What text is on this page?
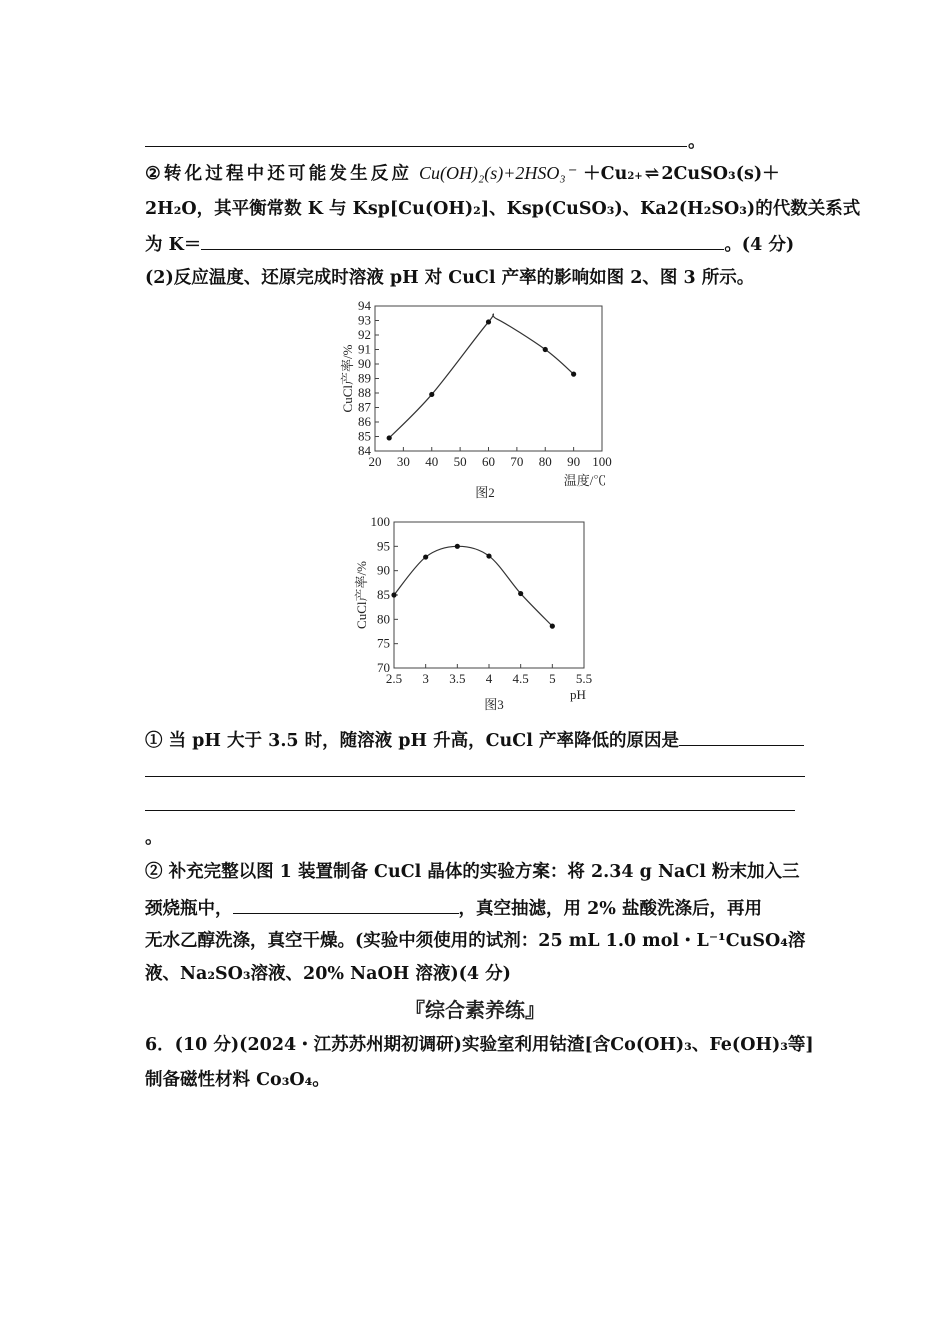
。
② 转 化 过 程 中 还 可 能 发 生 反 应 Cu(OH)₂(s)+2HSO₃⁻ ＋Cu 2+ ⇌ 2CuSO₃(s)＋
2H₂O，其平衡常数 K 与 Ksp[Cu(OH)₂]、Ksp(CuSO₃)、Ka2(H₂SO₃)的代数关系式
为 K＝	。(4 分)
(2)反应温度、还原完成时溶液 pH 对 CuCl 产率的影响如图 2、图 3 所示。
20 30 40 50 60 70 80 90 100
84
85
86
87
88
89
90
91
92
93
94
CuCl产率/%
温度/℃
图2
2.5 3 3.5 4 4.5 5 5.5
70
75
80
85
90
95
100
CuCl产率/%
pH
图3
① 当 pH 大于 3.5 时，随溶液 pH 升高，CuCl 产率降低的原因是
。
② 补充完整以图 1 装置制备 CuCl 晶体的实验方案：将 2.34 g NaCl 粉末加入三
颈烧瓶中，	，真空抽滤，用 2% 盐酸洗涤后，再用
无水乙醇洗涤，真空干燥。(实验中须使用的试剂：25 mL 1.0 mol・L⁻¹CuSO₄溶
液、Na₂SO₃溶液、20% NaOH 溶液)(4 分)
『综合素养练』
6．(10 分)(2024・江苏苏州期初调研)实验室利用钴渣[含Co(OH)₃、Fe(OH)₃等]
制备磁性材料 Co₃O₄。
